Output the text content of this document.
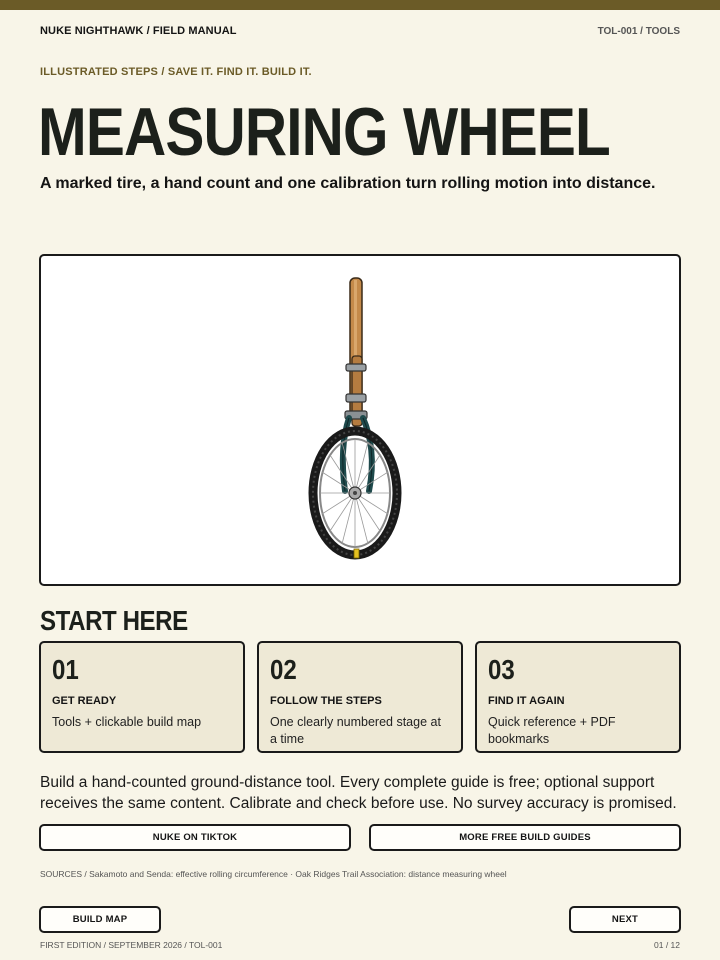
NUKE NIGHTHAWK / FIELD MANUAL	TOL-001 / TOOLS
ILLUSTRATED STEPS / SAVE IT. FIND IT. BUILD IT.
MEASURING WHEEL
A marked tire, a hand count and one calibration turn rolling motion into distance.
START HERE
01
GET READY
Tools + clickable build map
02
FOLLOW THE STEPS
One clearly numbered stage at a time
03
FIND IT AGAIN
Quick reference + PDF bookmarks

Build a hand-counted ground-distance tool. Every complete guide is free; optional support receives the same content. Calibrate and check before use. No survey accuracy is promised.

NUKE ON TIKTOK	MORE FREE BUILD GUIDES
SOURCES / Sakamoto and Senda: effective rolling circumference · Oak Ridges Trail Association: distance measuring wheel
BUILD MAP	NEXT
FIRST EDITION / SEPTEMBER 2026 / TOL-001	01 / 12
